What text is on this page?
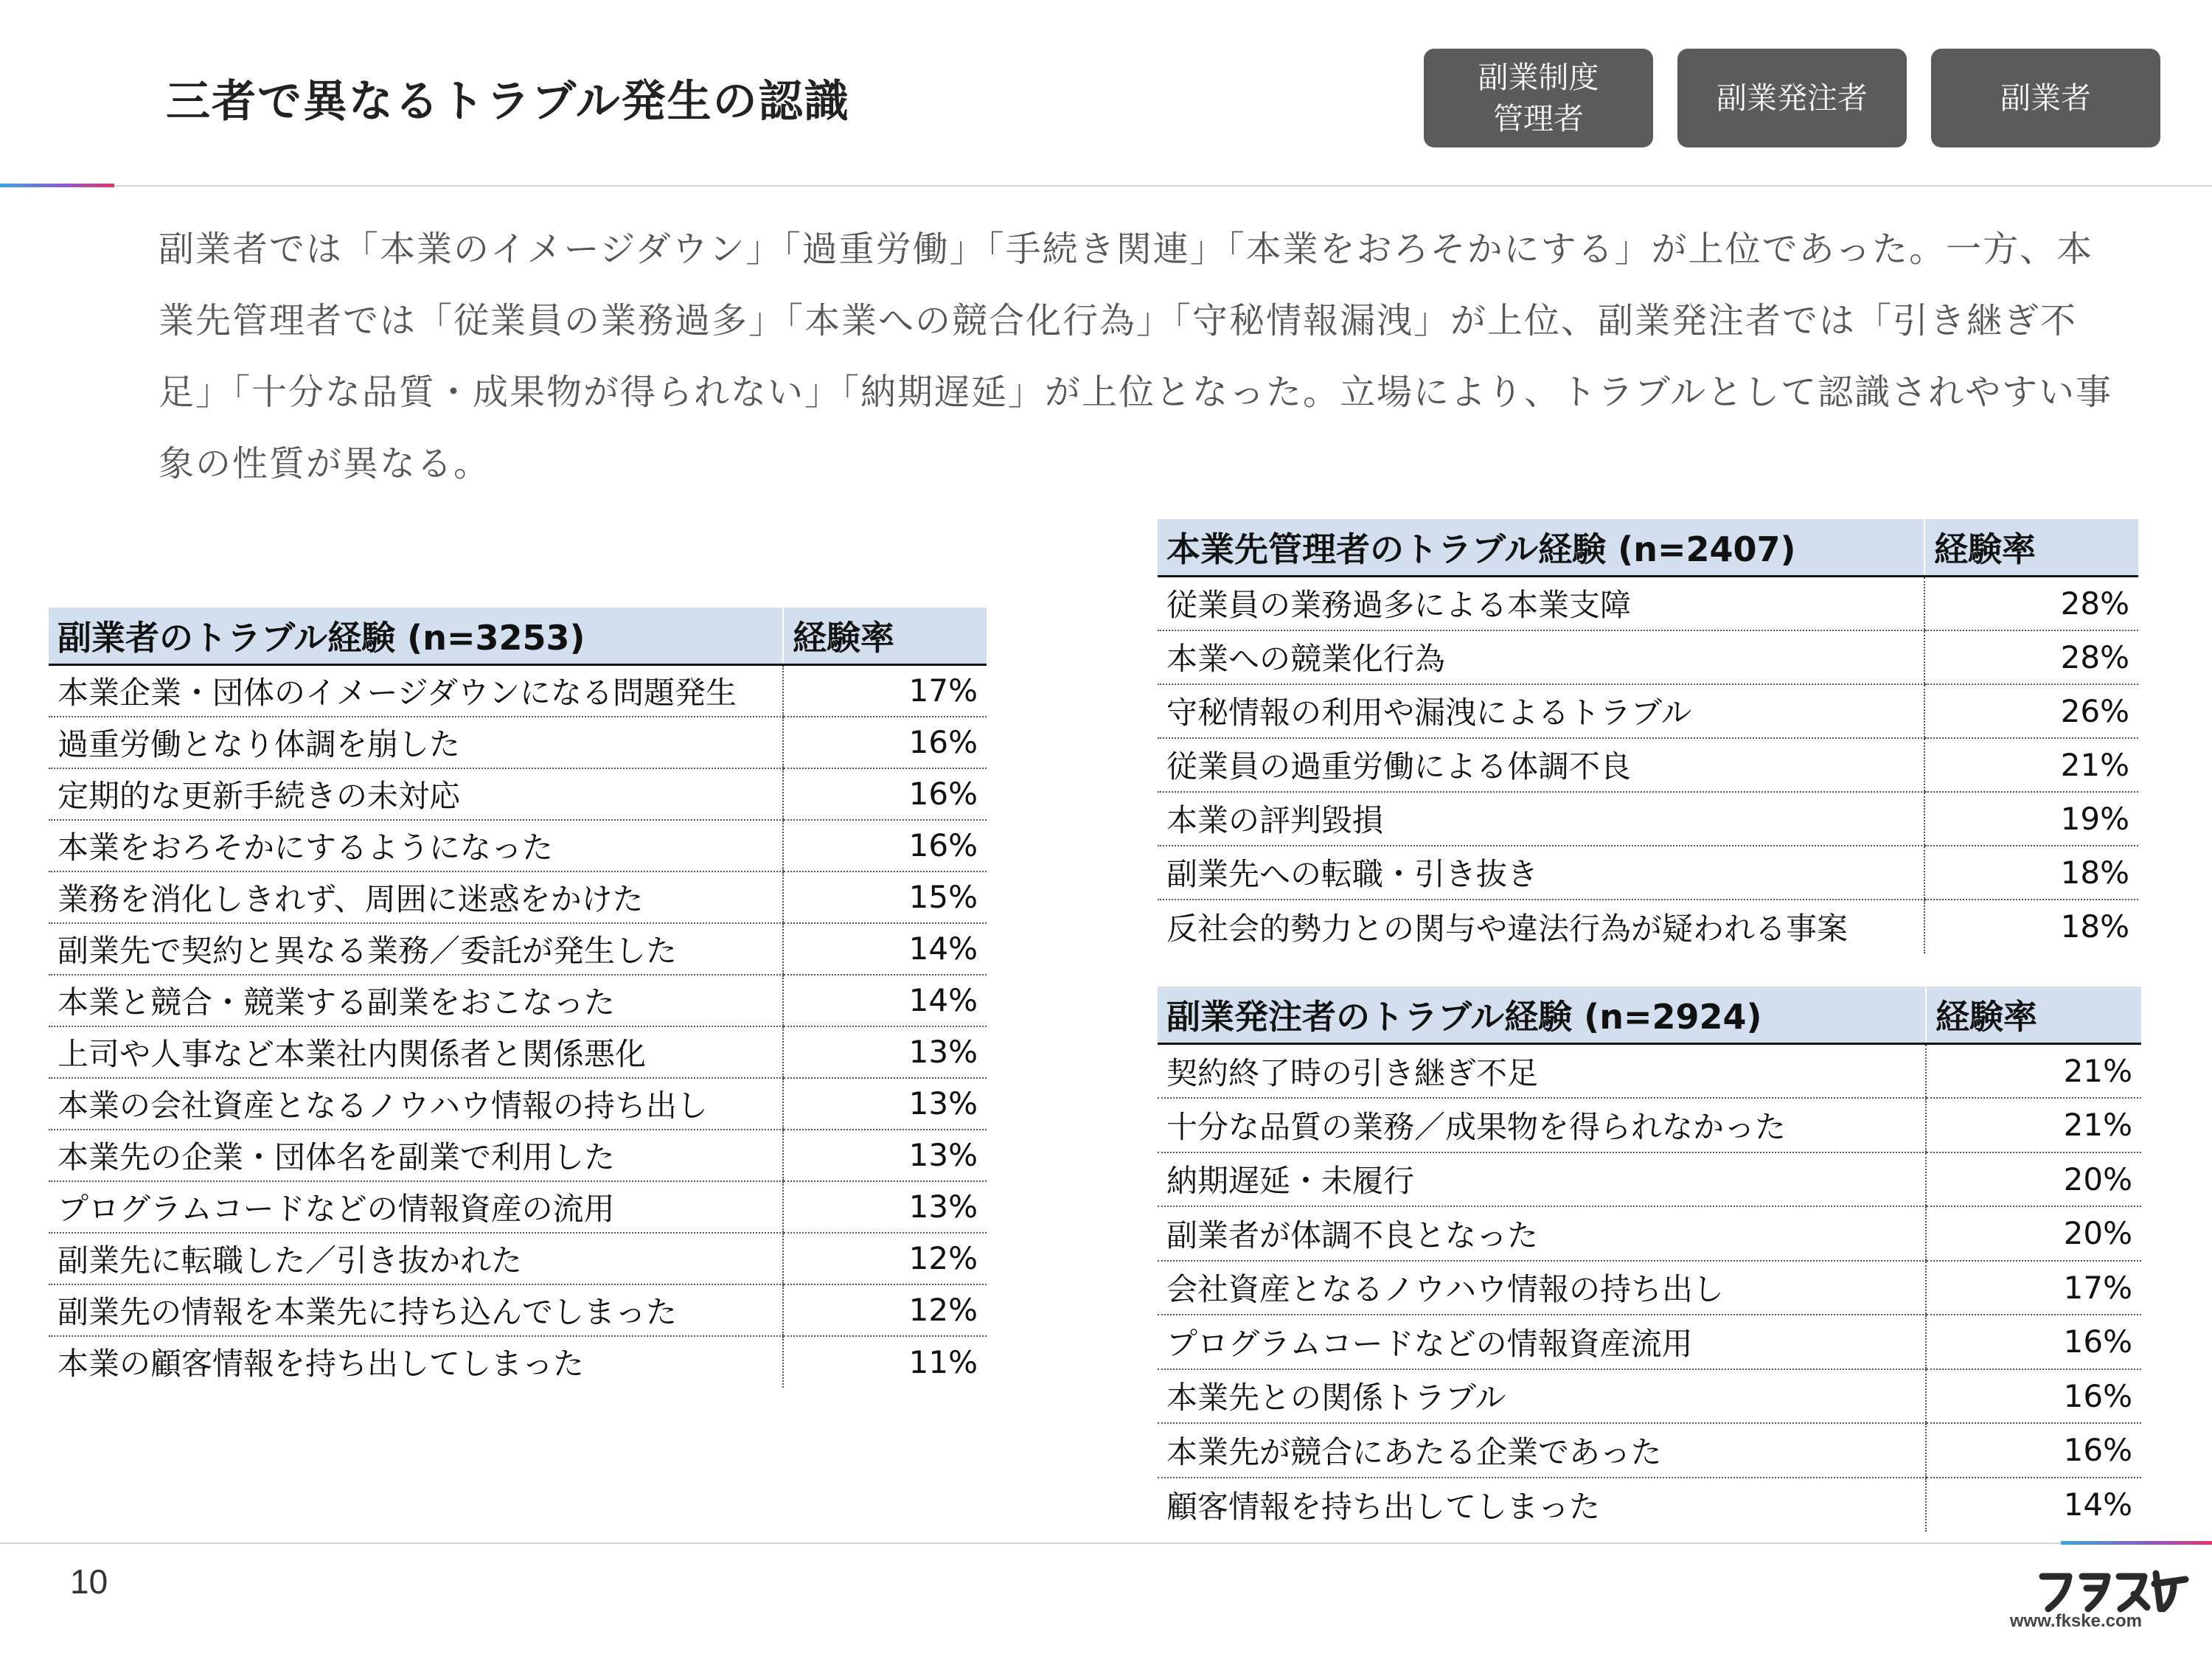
三者で異なるトラブル発生の認識	副業制度
管理者
副業発注者	副業者
副業者では「本業のイメージダウン」「過重労働」「手続き関連」「本業をおろそかにする」が上位であった。一方、本業先管理者では「従業員の業務過多」「本業への競合化行為」「守秘情報漏洩」が上位、副業発注者では「引き継ぎ不足」「十分な品質・成果物が得られない」「納期遅延」が上位となった。立場により、トラブルとして認識されやすい事象の性質が異なる。
副業者のトラブル経験 (n=3253)	経験率
本業企業・団体のイメージダウンになる問題発生	17%
過重労働となり体調を崩した	16%
定期的な更新手続きの未対応	16%
本業をおろそかにするようになった	16%
業務を消化しきれず、周囲に迷惑をかけた	15%
副業先で契約と異なる業務／委託が発生した	14%
本業と競合・競業する副業をおこなった	14%
上司や人事など本業社内関係者と関係悪化	13%
本業の会社資産となるノウハウ情報の持ち出し	13%
本業先の企業・団体名を副業で利用した	13%
プログラムコードなどの情報資産の流用	13%
副業先に転職した／引き抜かれた	12%
副業先の情報を本業先に持ち込んでしまった	12%
本業の顧客情報を持ち出してしまった	11%
本業先管理者のトラブル経験 (n=2407)	経験率
従業員の業務過多による本業支障	28%
本業への競業化行為	28%
守秘情報の利用や漏洩によるトラブル	26%
従業員の過重労働による体調不良	21%
本業の評判毀損	19%
副業先への転職・引き抜き	18%
反社会的勢力との関与や違法行為が疑われる事案	18%
副業発注者のトラブル経験 (n=2924)	経験率
契約終了時の引き継ぎ不足	21%
十分な品質の業務／成果物を得られなかった	21%
納期遅延・未履行	20%
副業者が体調不良となった	20%
会社資産となるノウハウ情報の持ち出し	17%
プログラムコードなどの情報資産流用	16%
本業先との関係トラブル	16%
本業先が競合にあたる企業であった	16%
顧客情報を持ち出してしまった	14%
10
www.fkske.com
